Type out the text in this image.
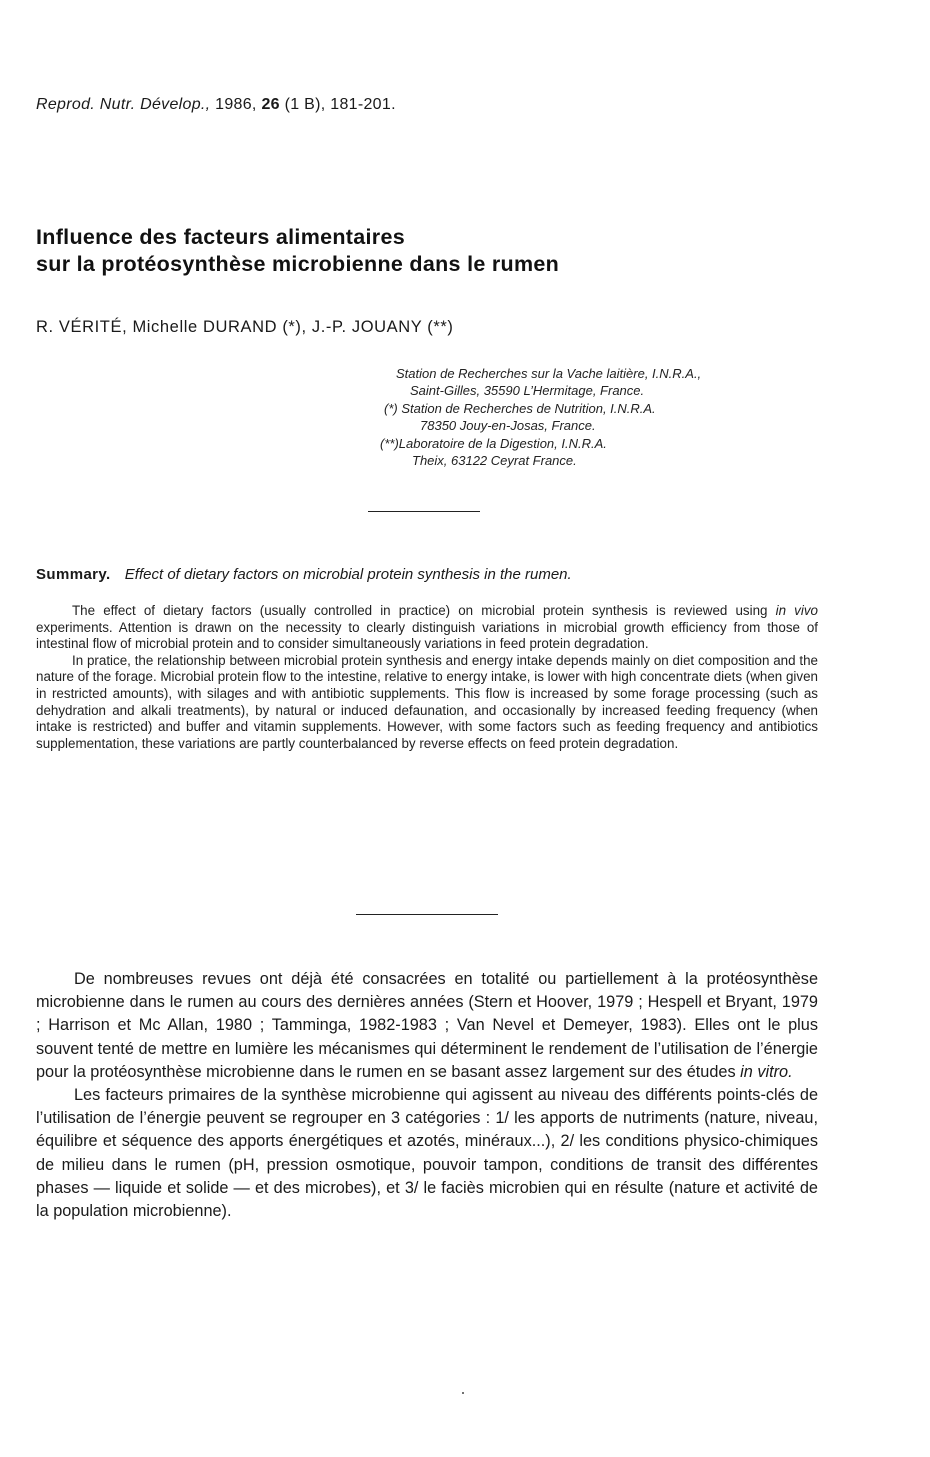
Reprod. Nutr. Dévelop., 1986, 26 (1 B), 181-201.
Influence des facteurs alimentaires
sur la protéosynthèse microbienne dans le rumen
R. VÉRITÉ, Michelle DURAND (*), J.-P. JOUANY (**)
Station de Recherches sur la Vache laitière, I.N.R.A.,
Saint-Gilles, 35590 L’Hermitage, France.
(*) Station de Recherches de Nutrition, I.N.R.A.
78350 Jouy-en-Josas, France.
(**)Laboratoire de la Digestion, I.N.R.A.
Theix, 63122 Ceyrat France.
Summary. Effect of dietary factors on microbial protein synthesis in the rumen.

The effect of dietary factors (usually controlled in practice) on microbial protein synthesis is reviewed using in vivo experiments. Attention is drawn on the necessity to clearly distinguish variations in microbial growth efficiency from those of intestinal flow of microbial protein and to consider simultaneously variations in feed protein degradation.

In pratice, the relationship between microbial protein synthesis and energy intake depends mainly on diet composition and the nature of the forage. Microbial protein flow to the intestine, relative to energy intake, is lower with high concentrate diets (when given in restricted amounts), with silages and with antibiotic supplements. This flow is increased by some forage processing (such as dehydration and alkali treatments), by natural or induced defaunation, and occasionally by increased feeding frequency (when intake is restricted) and buffer and vitamin supplements. However, with some factors such as feeding frequency and antibiotics supplementation, these variations are partly counterbalanced by reverse effects on feed protein degradation.

De nombreuses revues ont déjà été consacrées en totalité ou partiellement à la protéosynthèse microbienne dans le rumen au cours des dernières années (Stern et Hoover, 1979 ; Hespell et Bryant, 1979 ; Harrison et Mc Allan, 1980 ; Tamminga, 1982-1983 ; Van Nevel et Demeyer, 1983). Elles ont le plus souvent tenté de mettre en lumière les mécanismes qui déterminent le rendement de l’utilisation de l’énergie pour la protéosynthèse microbienne dans le rumen en se basant assez largement sur des études in vitro.

Les facteurs primaires de la synthèse microbienne qui agissent au niveau des différents points-clés de l’utilisation de l’énergie peuvent se regrouper en 3 catégories : 1/ les apports de nutriments (nature, niveau, équilibre et séquence des apports énergétiques et azotés, minéraux...), 2/ les conditions physico-chimiques de milieu dans le rumen (pH, pression osmotique, pouvoir tampon, conditions de transit des différentes phases — liquide et solide — et des microbes), et 3/ le faciès microbien qui en résulte (nature et activité de la population microbienne).
